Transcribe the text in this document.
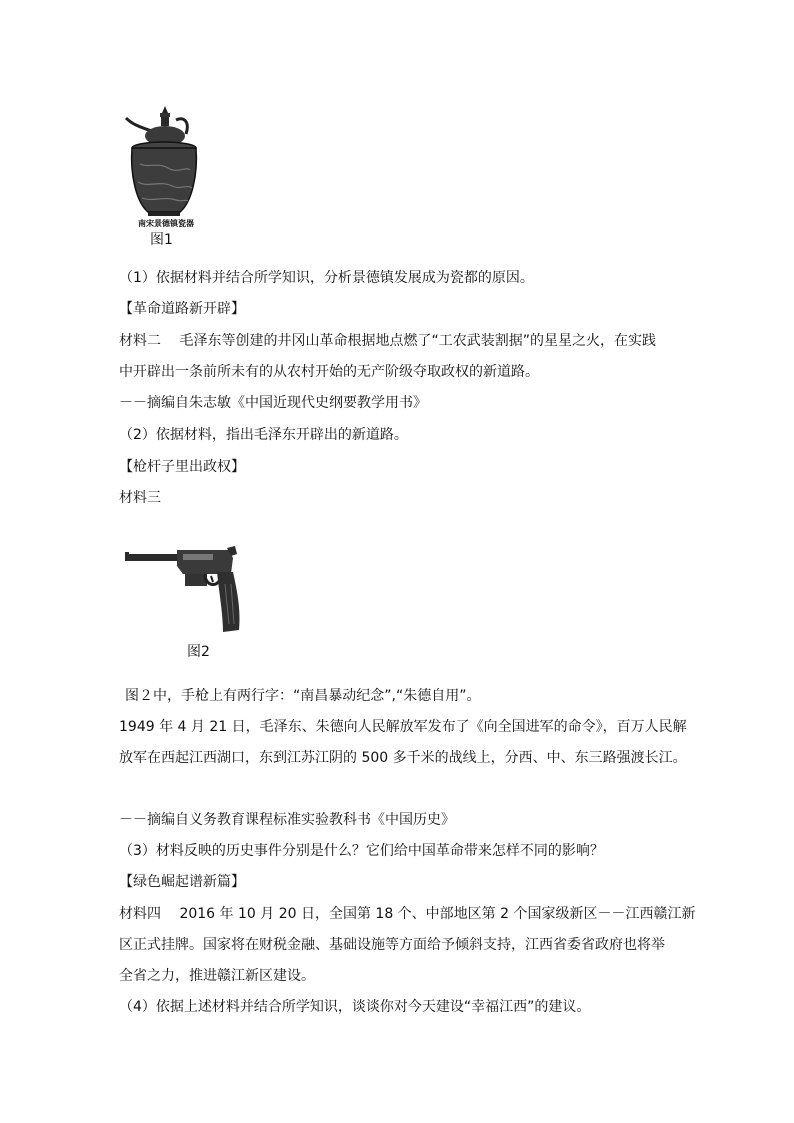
南宋景德镇瓷器
图1
（1）依据材料并结合所学知识，分析景德镇发展成为瓷都的原因。
【革命道路新开辟】
材料二　 毛泽东等创建的井冈山革命根据地点燃了“工农武装割据”的星星之火，在实践
中开辟出一条前所未有的从农村开始的无产阶级夺取政权的新道路。
－－摘编自朱志敏《中国近现代史纲要教学用书》
（2）依据材料，指出毛泽东开辟出的新道路。
【枪杆子里出政权】
材料三
图2
图２中，手枪上有两行字：“南昌暴动纪念”,“朱德自用”。
1949 年 4 月 21 日，毛泽东、朱德向人民解放军发布了《向全国进军的命令》，百万人民解
放军在西起江西湖口，东到江苏江阴的 500 多千米的战线上，分西、中、东三路强渡长江。
－－摘编自义务教育课程标准实验教科书《中国历史》
（3）材料反映的历史事件分别是什么？它们给中国革命带来怎样不同的影响？
【绿色崛起谱新篇】
材料四　 2016 年 10 月 20 日，全国第 18 个、中部地区第 2 个国家级新区－－江西赣江新
区正式挂牌。国家将在财税金融、基础设施等方面给予倾斜支持，江西省委省政府也将举
全省之力，推进赣江新区建设。
（4）依据上述材料并结合所学知识，谈谈你对今天建设“幸福江西”的建议。
